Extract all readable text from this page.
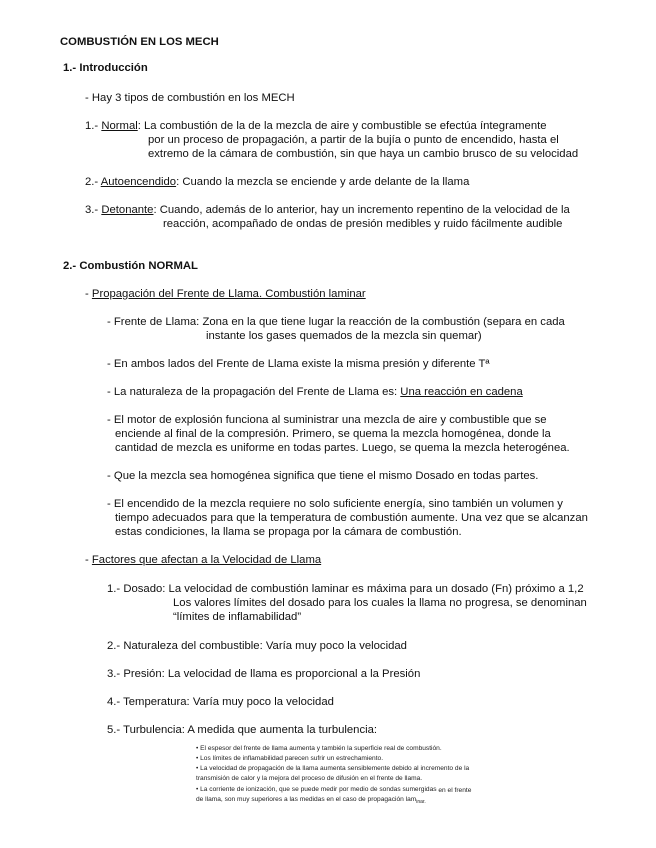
COMBUSTIÓN EN LOS MECH
1.- Introducción
- Hay 3 tipos de combustión en los MECH
1.- Normal: La combustión de la de la mezcla de aire y combustible se efectúa íntegramente
por un proceso de propagación, a partir de la bujía o punto de encendido, hasta el
extremo de la cámara de combustión, sin que haya un cambio brusco de su velocidad
2.- Autoencendido: Cuando la mezcla se enciende y arde delante de la llama
3.- Detonante: Cuando, además de lo anterior, hay un incremento repentino de la velocidad de la
reacción, acompañado de ondas de presión medibles y ruido fácilmente audible
2.- Combustión NORMAL
- Propagación del Frente de Llama. Combustión laminar
- Frente de Llama: Zona en la que tiene lugar la reacción de la combustión (separa en cada
instante los gases quemados de la mezcla sin quemar)
- En ambos lados del Frente de Llama existe la misma presión y diferente Tª
- La naturaleza de la propagación del Frente de Llama es: Una reacción en cadena
- El motor de explosión funciona al suministrar una mezcla de aire y combustible que se
enciende al final de la compresión. Primero, se quema la mezcla homogénea, donde la
cantidad de mezcla es uniforme en todas partes. Luego, se quema la mezcla heterogénea.
- Que la mezcla sea homogénea significa que tiene el mismo Dosado en todas partes.
- El encendido de la mezcla requiere no solo suficiente energía, sino también un volumen y
tiempo adecuados para que la temperatura de combustión aumente. Una vez que se alcanzan
estas condiciones, la llama se propaga por la cámara de combustión.
- Factores que afectan a la Velocidad de Llama
1.- Dosado: La velocidad de combustión laminar es máxima para un dosado (Fn) próximo a 1,2
Los valores límites del dosado para los cuales la llama no progresa, se denominan
“límites de inflamabilidad”
2.- Naturaleza del combustible: Varía muy poco la velocidad
3.- Presión: La velocidad de llama es proporcional a la Presión
4.- Temperatura: Varía muy poco la velocidad
5.- Turbulencia: A medida que aumenta la turbulencia:
• El espesor del frente de llama aumenta y también la superficie real de combustión.
• Los límites de inflamabilidad parecen sufrir un estrechamiento.
• La velocidad de propagación de la llama aumenta sensiblemente debido al incremento de la
transmisión de calor y la mejora del proceso de difusión en el frente de llama.
• La corriente de ionización, que se puede medir por medio de sondas sumergidas en el frente
de llama, son muy superiores a las medidas en el caso de propagación lam$_{inar.}$
